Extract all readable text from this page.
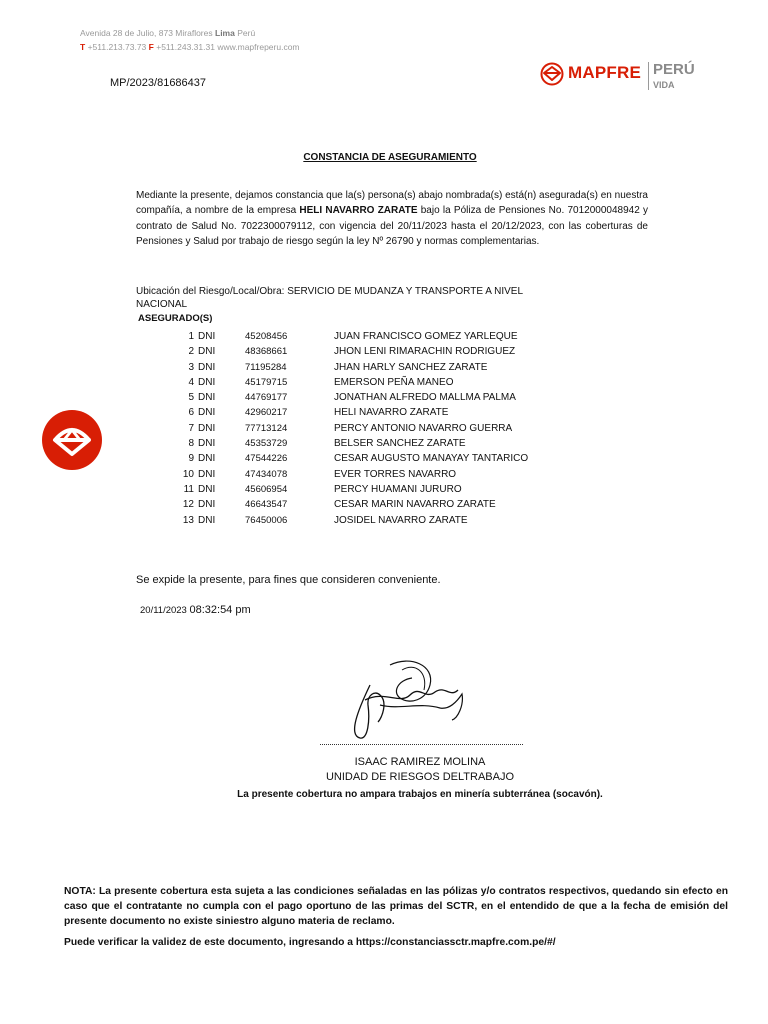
Avenida 28 de Julio, 873 Miraflores Lima Perú
T +511.213.73.73 F +511.243.31.31 www.mapfreperu.com
MP/2023/81686437
MAPFRE PERÚ
VIDA
CONSTANCIA DE ASEGURAMIENTO
Mediante la presente, dejamos constancia que la(s) persona(s) abajo nombrada(s) está(n) asegurada(s) en nuestra compañía, a nombre de la empresa HELI NAVARRO ZARATE bajo la Póliza de Pensiones No. 7012000048942 y contrato de Salud No. 7022300079112, con vigencia del 20/11/2023 hasta el 20/12/2023, con las coberturas de Pensiones y Salud por trabajo de riesgo según la ley Nº 26790 y normas complementarias.
Ubicación del Riesgo/Local/Obra: SERVICIO DE MUDANZA Y TRANSPORTE A NIVEL NACIONAL
ASEGURADO(S)
1 DNI	45208456	JUAN FRANCISCO GOMEZ YARLEQUE
2 DNI	48368661	JHON LENI RIMARACHIN RODRIGUEZ
3 DNI	71195284	JHAN HARLY SANCHEZ ZARATE
4 DNI	45179715	EMERSON PEÑA MANEO
5 DNI	44769177	JONATHAN ALFREDO MALLMA PALMA
6 DNI	42960217	HELI NAVARRO ZARATE
7 DNI	77713124	PERCY ANTONIO NAVARRO GUERRA
8 DNI	45353729	BELSER SANCHEZ ZARATE
9 DNI	47544226	CESAR AUGUSTO MANAYAY TANTARICO
10 DNI	47434078	EVER TORRES NAVARRO
11 DNI	45606954	PERCY HUAMANI JURURO
12 DNI	46643547	CESAR MARIN NAVARRO ZARATE
13 DNI	76450006	JOSIDEL NAVARRO ZARATE
Se expide la presente, para fines que consideren conveniente.
20/11/2023 08:32:54 pm
ISAAC RAMIREZ MOLINA
UNIDAD DE RIESGOS DELTRABAJO
La presente cobertura no ampara trabajos en minería subterránea (socavón).
NOTA: La presente cobertura esta sujeta a las condiciones señaladas en las pólizas y/o contratos respectivos, quedando sin efecto en caso que el contratante no cumpla con el pago oportuno de las primas del SCTR, en el entendido de que a la fecha de emisión del presente documento no existe siniestro alguno materia de reclamo.
Puede verificar la validez de este documento, ingresando a https://constanciassctr.mapfre.com.pe/#/
